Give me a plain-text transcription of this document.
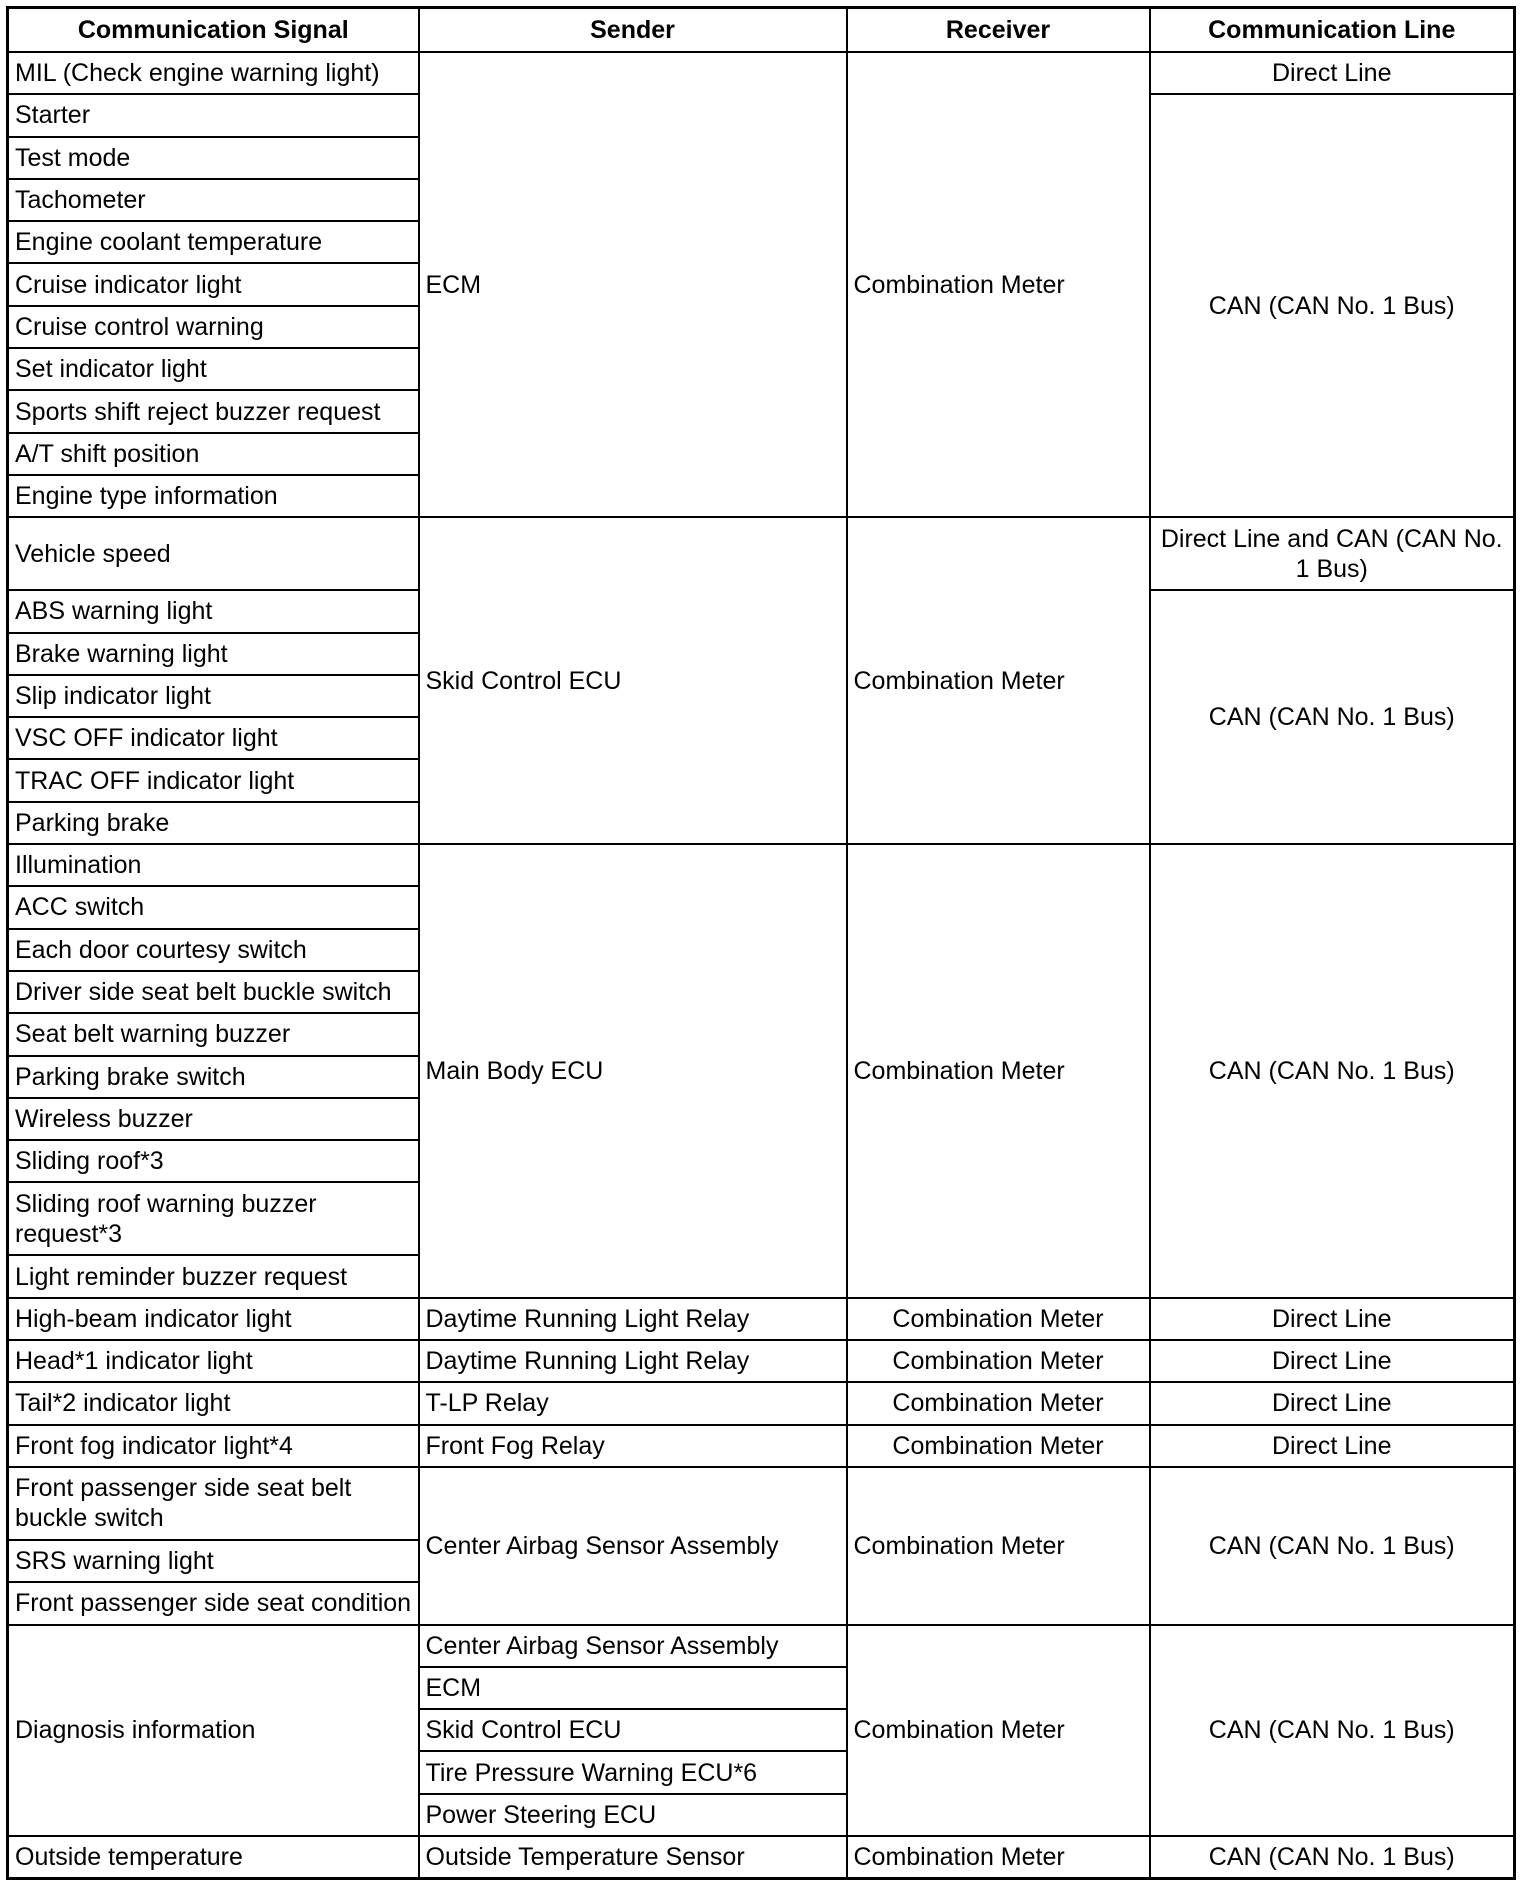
Communication Signal	Sender	Receiver	Communication Line
MIL (Check engine warning light)	ECM	Combination Meter	Direct Line
Starter			CAN (CAN No. 1 Bus)
Test mode			
Tachometer			
Engine coolant temperature			
Cruise indicator light			
Cruise control warning			
Set indicator light			
Sports shift reject buzzer request			
A/T shift position			
Engine type information			
Vehicle speed	Skid Control ECU	Combination Meter	Direct Line and CAN (CAN No. 1 Bus)
ABS warning light			CAN (CAN No. 1 Bus)
Brake warning light			
Slip indicator light			
VSC OFF indicator light			
TRAC OFF indicator light			
Parking brake			
Illumination	Main Body ECU	Combination Meter	CAN (CAN No. 1 Bus)
ACC switch			
Each door courtesy switch			
Driver side seat belt buckle switch			
Seat belt warning buzzer			
Parking brake switch			
Wireless buzzer			
Sliding roof*3			
Sliding roof warning buzzer request*3			
Light reminder buzzer request			
High-beam indicator light	Daytime Running Light Relay	Combination Meter	Direct Line
Head*1 indicator light	Daytime Running Light Relay	Combination Meter	Direct Line
Tail*2 indicator light	T-LP Relay	Combination Meter	Direct Line
Front fog indicator light*4	Front Fog Relay	Combination Meter	Direct Line
Front passenger side seat belt buckle switch	Center Airbag Sensor Assembly	Combination Meter	CAN (CAN No. 1 Bus)
SRS warning light			
Front passenger side seat condition			
Diagnosis information	Center Airbag Sensor Assembly	Combination Meter	CAN (CAN No. 1 Bus)
	ECM		
	Skid Control ECU		
	Tire Pressure Warning ECU*6		
	Power Steering ECU		
Outside temperature	Outside Temperature Sensor	Combination Meter	CAN (CAN No. 1 Bus)
